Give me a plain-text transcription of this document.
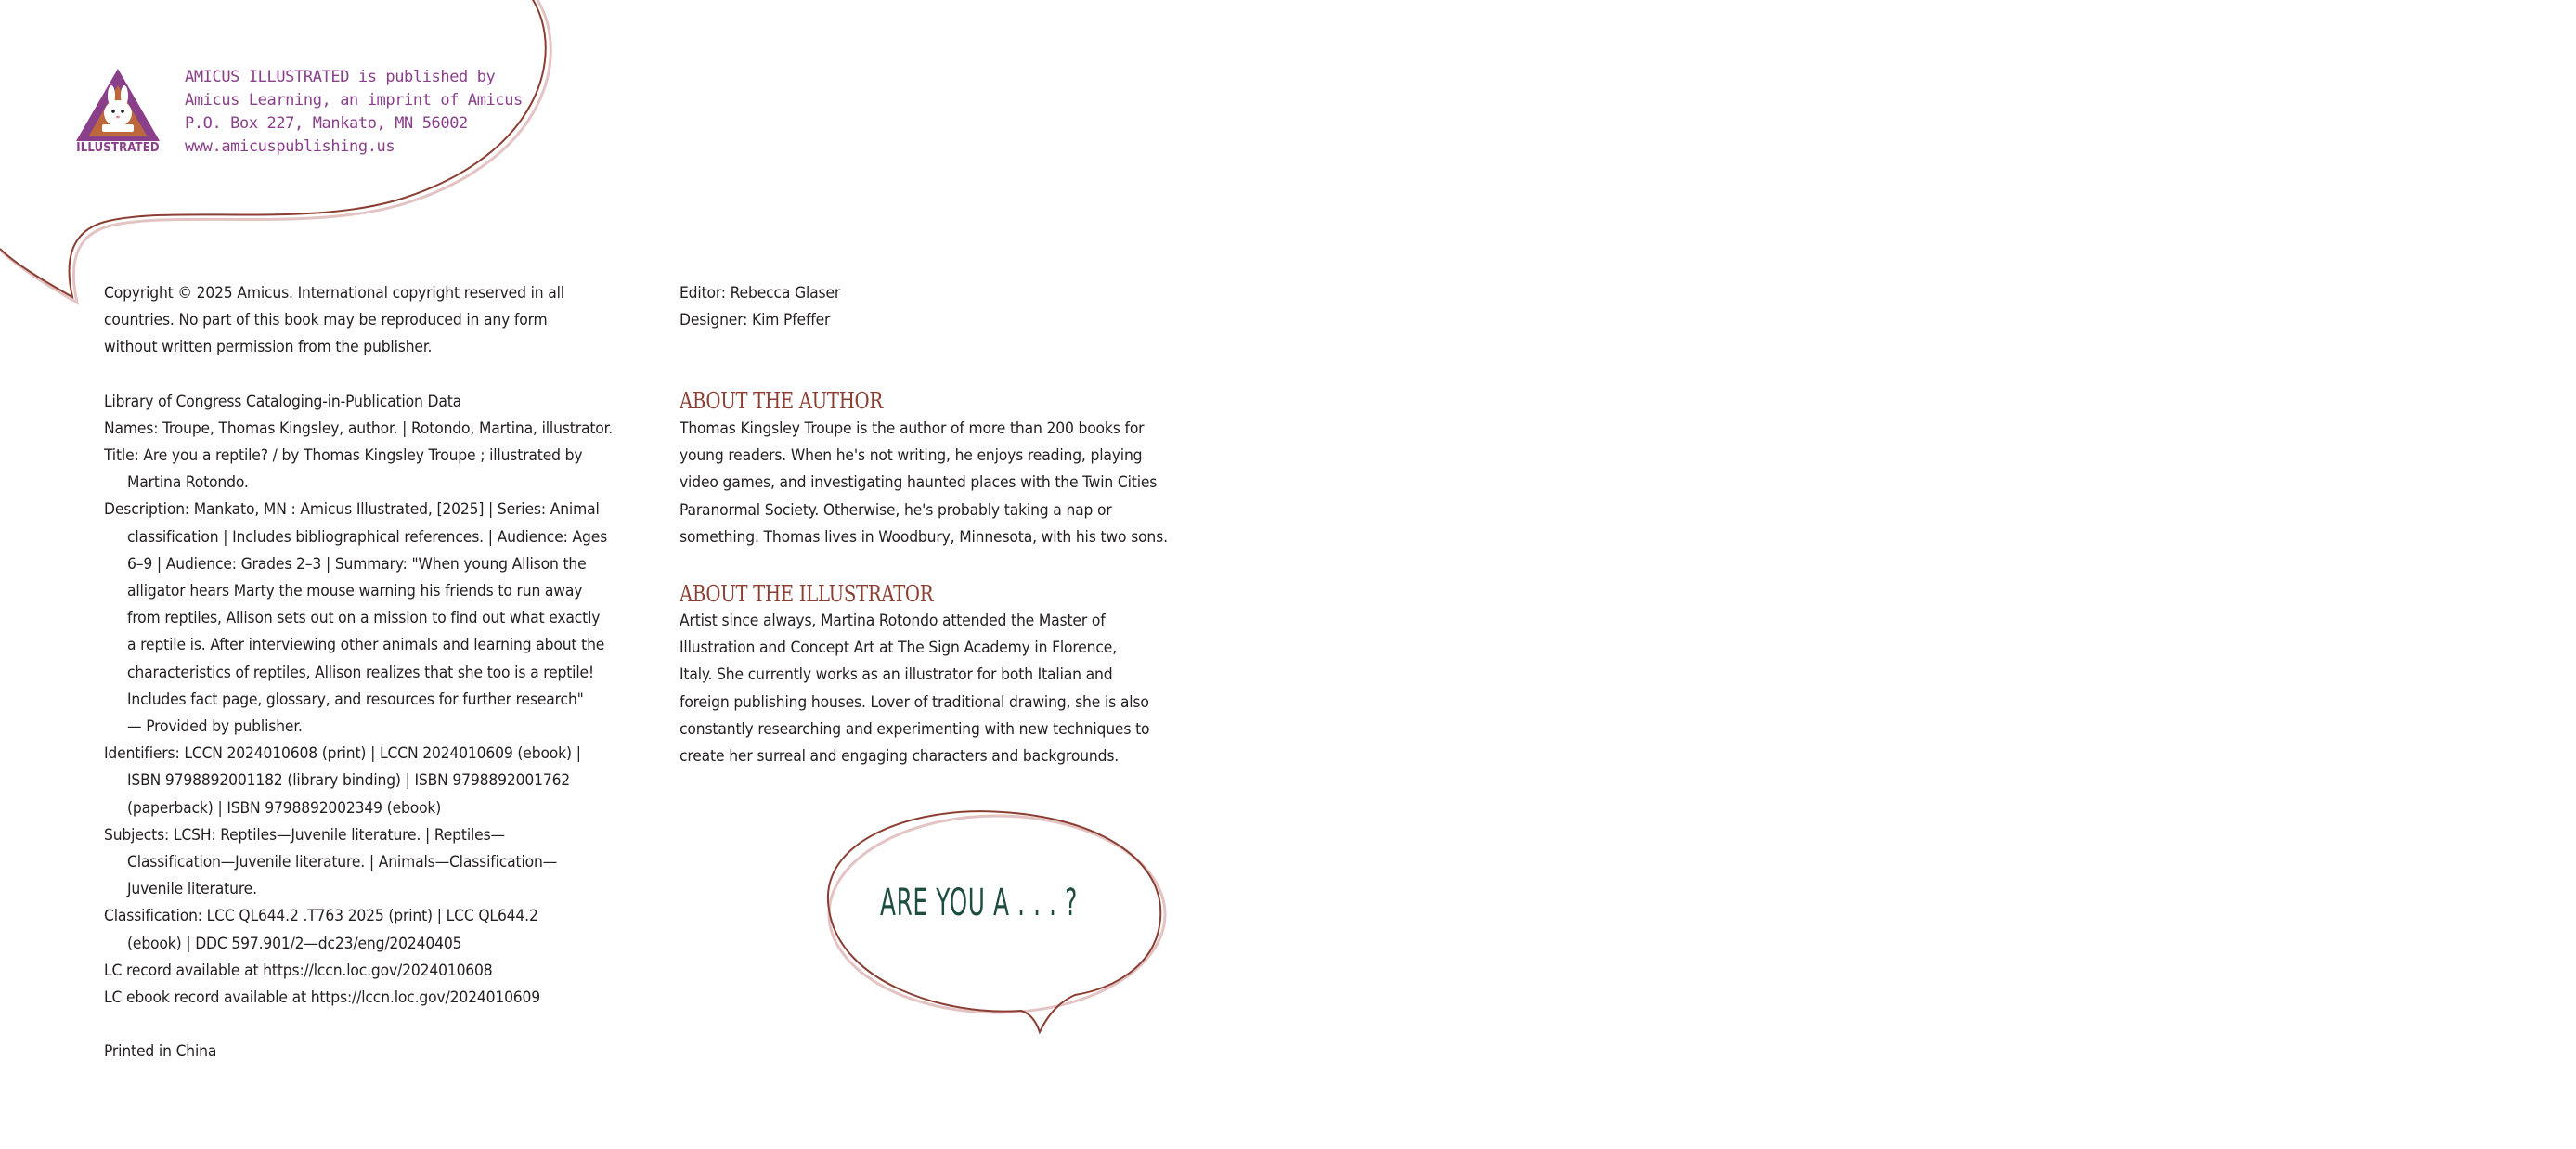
ILLUSTRATED
AMICUS ILLUSTRATED is published by
Amicus Learning, an imprint of Amicus
P.O. Box 227, Mankato, MN 56002
www.amicuspublishing.us
Copyright © 2025 Amicus. International copyright reserved in all
countries. No part of this book may be reproduced in any form
without written permission from the publisher.
Library of Congress Cataloging-in-Publication Data
Names: Troupe, Thomas Kingsley, author. | Rotondo, Martina, illustrator.
Title: Are you a reptile? / by Thomas Kingsley Troupe ; illustrated by
Martina Rotondo.
Description: Mankato, MN : Amicus Illustrated, [2025] | Series: Animal
classification | Includes bibliographical references. | Audience: Ages
6–9 | Audience: Grades 2–3 | Summary: "When young Allison the
alligator hears Marty the mouse warning his friends to run away
from reptiles, Allison sets out on a mission to find out what exactly
a reptile is. After interviewing other animals and learning about the
characteristics of reptiles, Allison realizes that she too is a reptile!
Includes fact page, glossary, and resources for further research"
— Provided by publisher.
Identifiers: LCCN 2024010608 (print) | LCCN 2024010609 (ebook) |
ISBN 9798892001182 (library binding) | ISBN 9798892001762
(paperback) | ISBN 9798892002349 (ebook)
Subjects: LCSH: Reptiles—Juvenile literature. | Reptiles—
Classification—Juvenile literature. | Animals—Classification—
Juvenile literature.
Classification: LCC QL644.2 .T763 2025 (print) | LCC QL644.2
(ebook) | DDC 597.901/2—dc23/eng/20240405
LC record available at https://lccn.loc.gov/2024010608
LC ebook record available at https://lccn.loc.gov/2024010609
Printed in China
Editor: Rebecca Glaser
Designer: Kim Pfeffer
ABOUT THE AUTHOR
Thomas Kingsley Troupe is the author of more than 200 books for
young readers. When he's not writing, he enjoys reading, playing
video games, and investigating haunted places with the Twin Cities
Paranormal Society. Otherwise, he's probably taking a nap or
something. Thomas lives in Woodbury, Minnesota, with his two sons.
ABOUT THE ILLUSTRATOR
Artist since always, Martina Rotondo attended the Master of
Illustration and Concept Art at The Sign Academy in Florence,
Italy. She currently works as an illustrator for both Italian and
foreign publishing houses. Lover of traditional drawing, she is also
constantly researching and experimenting with new techniques to
create her surreal and engaging characters and backgrounds.
ARE YOU A . . . ?
